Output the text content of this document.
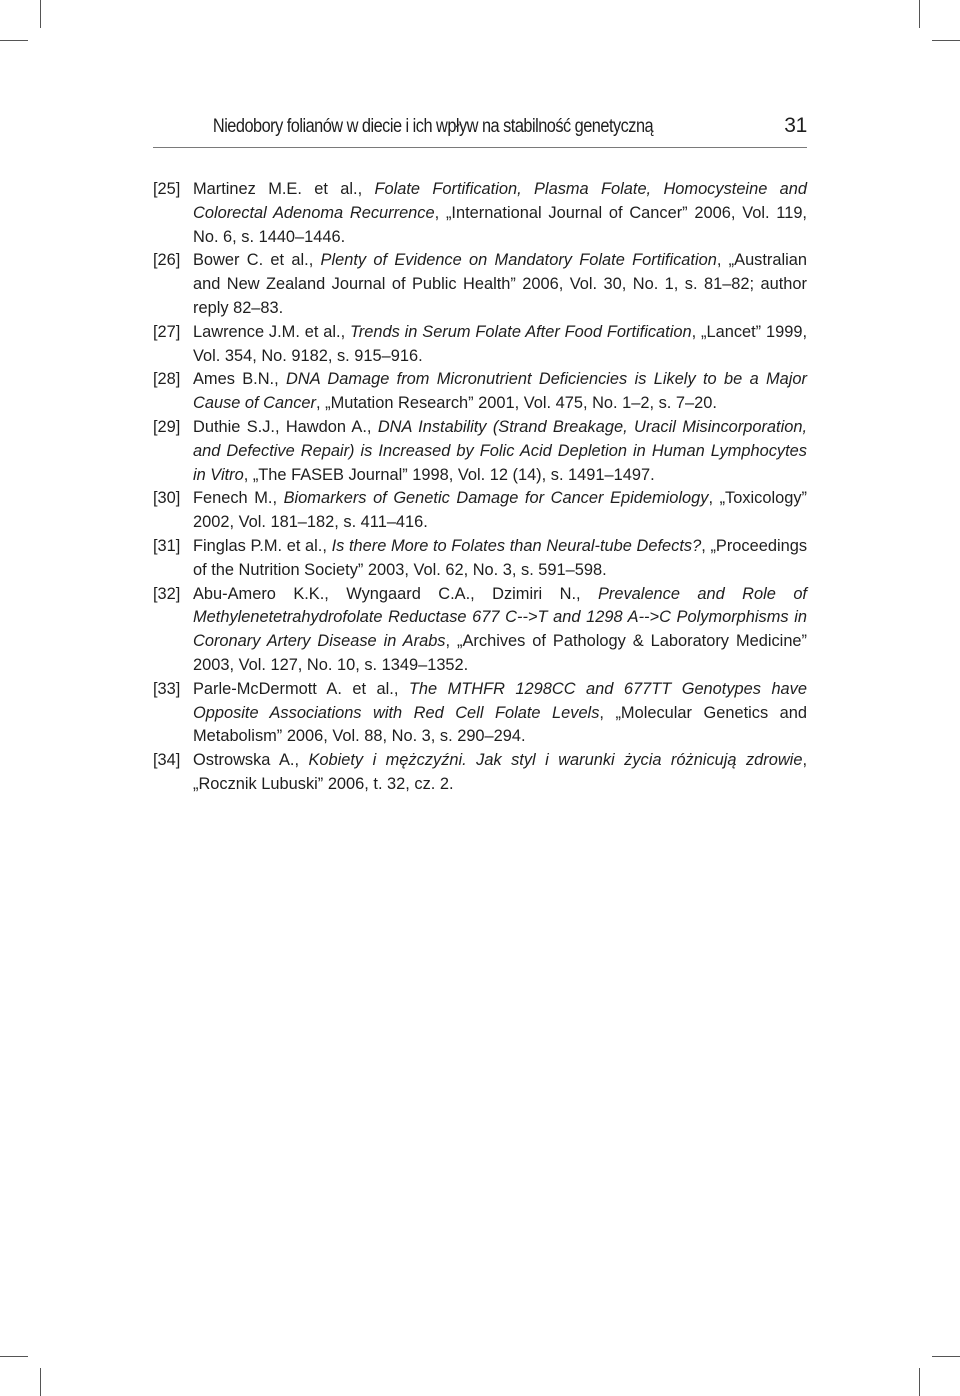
Niedobory folianów w diecie i ich wpływ na stabilność genetyczną	31
[25] Martinez M.E. et al., Folate Fortification, Plasma Folate, Homocysteine and Colorectal Adenoma Recurrence, „International Journal of Cancer” 2006, Vol. 119, No. 6, s. 1440–1446.
[26] Bower C. et al., Plenty of Evidence on Mandatory Folate Fortification, „Australian and New Zealand Journal of Public Health” 2006, Vol. 30, No. 1, s. 81–82; author reply 82–83.
[27] Lawrence J.M. et al., Trends in Serum Folate After Food Fortification, „Lancet” 1999, Vol. 354, No. 9182, s. 915–916.
[28] Ames B.N., DNA Damage from Micronutrient Deficiencies is Likely to be a Major Cause of Cancer, „Mutation Research” 2001, Vol. 475, No. 1–2, s. 7–20.
[29] Duthie S.J., Hawdon A., DNA Instability (Strand Breakage, Uracil Misincorporation, and Defective Repair) is Increased by Folic Acid Depletion in Human Lymphocytes in Vitro, „The FASEB Journal” 1998, Vol. 12 (14), s. 1491–1497.
[30] Fenech M., Biomarkers of Genetic Damage for Cancer Epidemiology, „Toxicology” 2002, Vol. 181–182, s. 411–416.
[31] Finglas P.M. et al., Is there More to Folates than Neural-tube Defects?, „Proceedings of the Nutrition Society” 2003, Vol. 62, No. 3, s. 591–598.
[32] Abu-Amero K.K., Wyngaard C.A., Dzimiri N., Prevalence and Role of Methylenetetrahydrofolate Reductase 677 C-->T and 1298 A-->C Polymorphisms in Coronary Artery Disease in Arabs, „Archives of Pathology & Laboratory Medicine” 2003, Vol. 127, No. 10, s. 1349–1352.
[33] Parle-McDermott A. et al., The MTHFR 1298CC and 677TT Genotypes have Opposite Associations with Red Cell Folate Levels, „Molecular Genetics and Metabolism” 2006, Vol. 88, No. 3, s. 290–294.
[34] Ostrowska A., Kobiety i mężczyźni. Jak styl i warunki życia różnicują zdrowie, „Rocznik Lubuski” 2006, t. 32, cz. 2.
